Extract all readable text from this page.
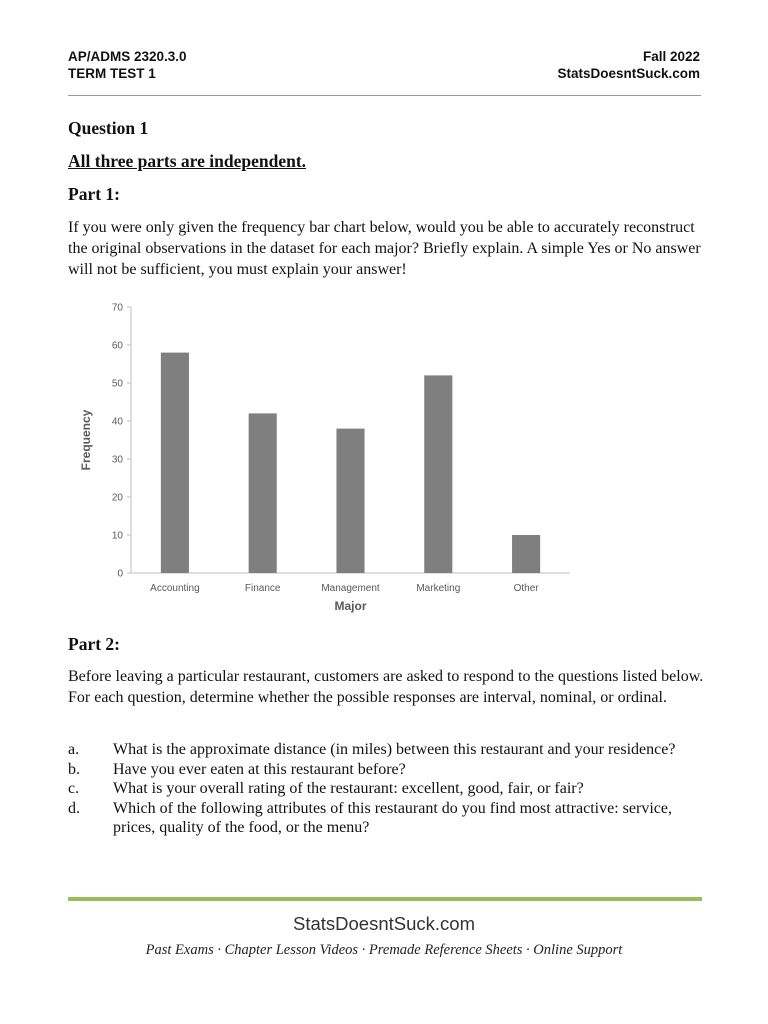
AP/ADMS 2320.3.0
TERM TEST 1
Fall 2022
StatsDoesntSuck.com
Question 1
All three parts are independent.
Part 1:
If you were only given the frequency bar chart below, would you be able to accurately reconstruct the original observations in the dataset for each major? Briefly explain. A simple Yes or No answer will not be sufficient, you must explain your answer!
0
10
20
30
40
50
60
70
Accounting	Finance	Management	Marketing	Other
Major
Frequency
Part 2:
Before leaving a particular restaurant, customers are asked to respond to the questions listed below. For each question, determine whether the possible responses are interval, nominal, or ordinal.
a.	What is the approximate distance (in miles) between this restaurant and your residence?
b.	Have you ever eaten at this restaurant before?
c.	What is your overall rating of the restaurant: excellent, good, fair, or fair?
d.	Which of the following attributes of this restaurant do you find most attractive: service, prices, quality of the food, or the menu?
StatsDoesntSuck.com
Past Exams · Chapter Lesson Videos · Premade Reference Sheets · Online Support
